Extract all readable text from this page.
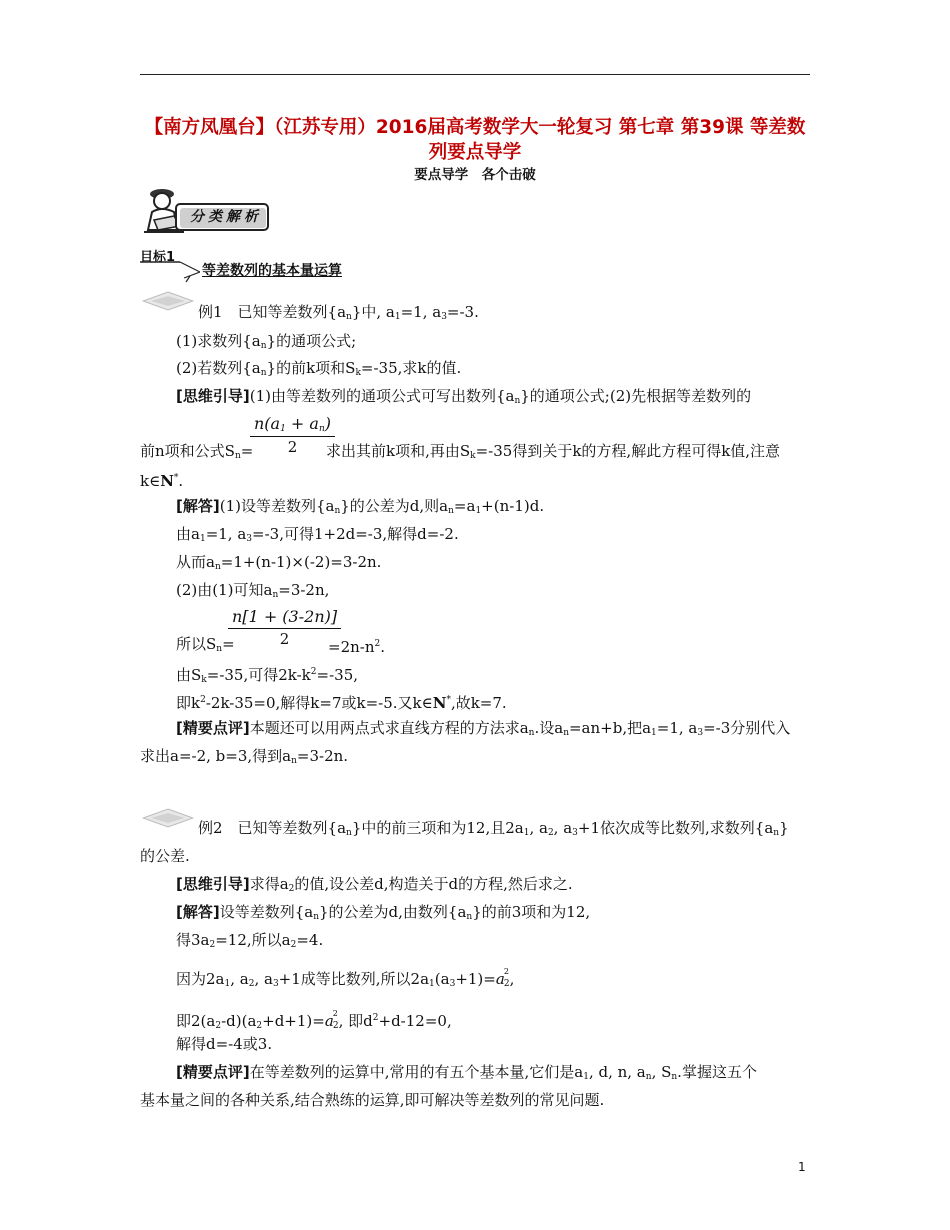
【南方凤凰台】（江苏专用）2016届高考数学大一轮复习 第七章 第39课 等差数列要点导学
要点导学　各个击破
分类解析
目标1
等差数列的基本量运算
例1　已知等差数列$\{a_n\}$中, $a_1=1$, $a_3=-3$.
(1)求数列$\{a_n\}$的通项公式;
(2)若数列$\{a_n\}$的前k项和$S_k=-35$,求k的值.
[思维引导](1)由等差数列的通项公式可写出数列$\{a_n\}$的通项公式;(2)先根据等差数列的
$\frac{n(a_1 + a_n)}{2}$
前n项和公式$S_n=$	求出其前k项和,再由$S_k=-35$得到关于k的方程,解此方程可得k值,注意
k∈N*.
[解答](1)设等差数列$\{a_n\}$的公差为d,则$a_n=a_1+(n-1)d$.
由$a_1=1$, $a_3=-3$,可得1+2d=-3,解得d=-2.
从而$a_n=1+(n-1)\times(-2)=3-2n$.
(2)由(1)可知$a_n=3-2n$,
$\frac{n[1 + (3-2n)]}{2}$
所以$S_n=$	$=2n-n^2$.
由$S_k=-35$,可得$2k-k^2=-35$,
即$k^2-2k-35=0$,解得k=7或k=-5.又k∈N*,故k=7.
[精要点评]本题还可以用两点式求直线方程的方法求$a_n$.设$a_n=an+b$,把$a_1=1$, $a_3=-3$分别代入
求出a=-2, b=3,得到$a_n=3-2n$.
例2　已知等差数列$\{a_n\}$中的前三项和为12,且$2a_1$, $a_2$, $a_3+1$依次成等比数列,求数列$\{a_n\}$
的公差.
[思维引导]求得$a_2$的值,设公差d,构造关于d的方程,然后求之.
[解答]设等差数列$\{a_n\}$的公差为d,由数列$\{a_n\}$的前3项和为12,
得$3a_2=12$,所以$a_2=4$.
因为$2a_1$, $a_2$, $a_3+1$成等比数列,所以$2a_1(a_3+1)=a^2_2$,
即$2(a_2-d)(a_2+d+1)=a^2_2$, 即$d^2+d-12=0$,
解得d=-4或3.
[精要点评]在等差数列的运算中,常用的有五个基本量,它们是$a_1$, d, n, $a_n$, $S_n$.掌握这五个
基本量之间的各种关系,结合熟练的运算,即可解决等差数列的常见问题.
1
